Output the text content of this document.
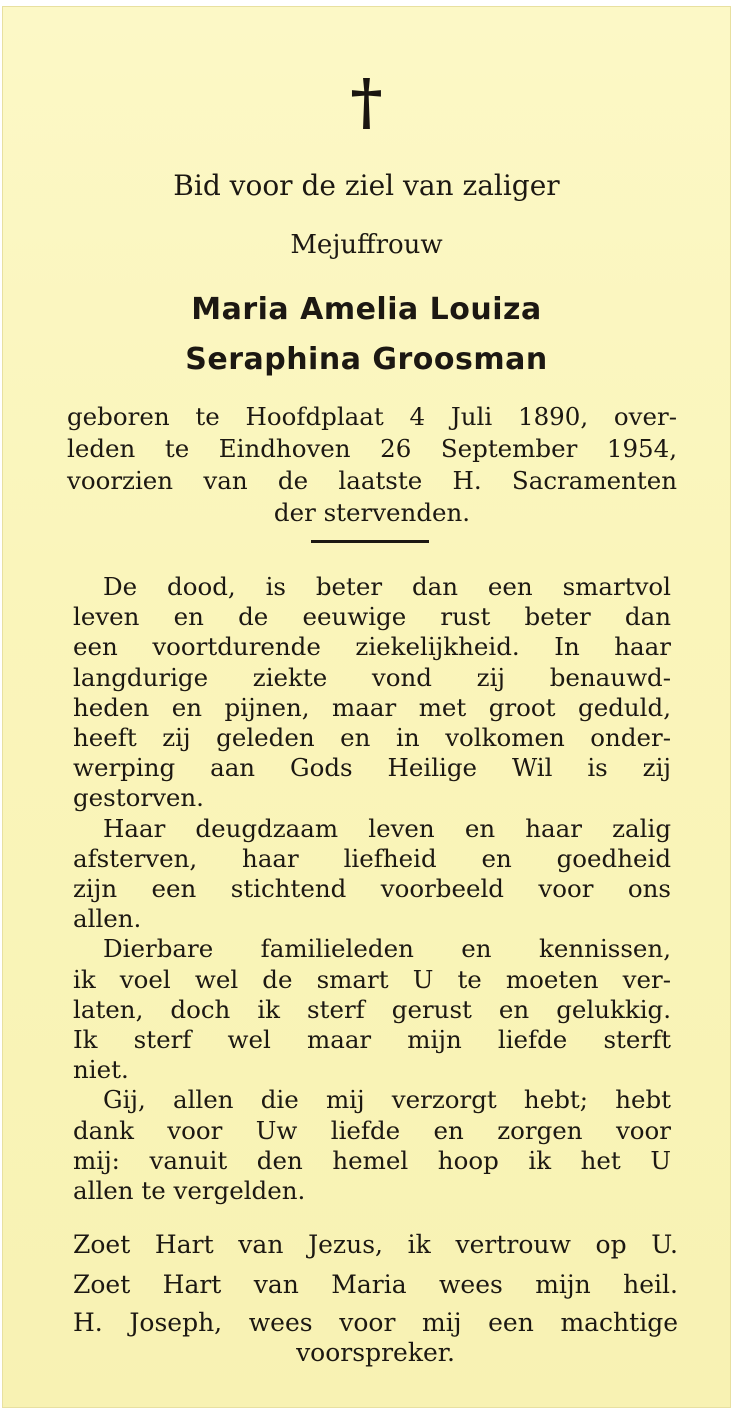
†
Bid voor de ziel van zaliger
Mejuffrouw
Maria Amelia Louiza
Seraphina Groosman
geboren te Hoofdplaat 4 Juli 1890, over-
leden te Eindhoven 26 September 1954,
voorzien van de laatste H. Sacramenten
der stervenden.
De dood, is beter dan een smartvol
leven en de eeuwige rust beter dan
een voortdurende ziekelijkheid. In haar
langdurige ziekte vond zij benauwd-
heden en pijnen, maar met groot geduld,
heeft zij geleden en in volkomen onder-
werping aan Gods Heilige Wil is zij
gestorven.
Haar deugdzaam leven en haar zalig
afsterven, haar liefheid en goedheid
zijn een stichtend voorbeeld voor ons
allen.
Dierbare familieleden en kennissen,
ik voel wel de smart U te moeten ver-
laten, doch ik sterf gerust en gelukkig.
Ik sterf wel maar mijn liefde sterft
niet.
Gij, allen die mij verzorgt hebt; hebt
dank voor Uw liefde en zorgen voor
mij: vanuit den hemel hoop ik het U
allen te vergelden.
Zoet Hart van Jezus, ik vertrouw op U.
Zoet Hart van Maria wees mijn heil.
H. Joseph, wees voor mij een machtige
voorspreker.
